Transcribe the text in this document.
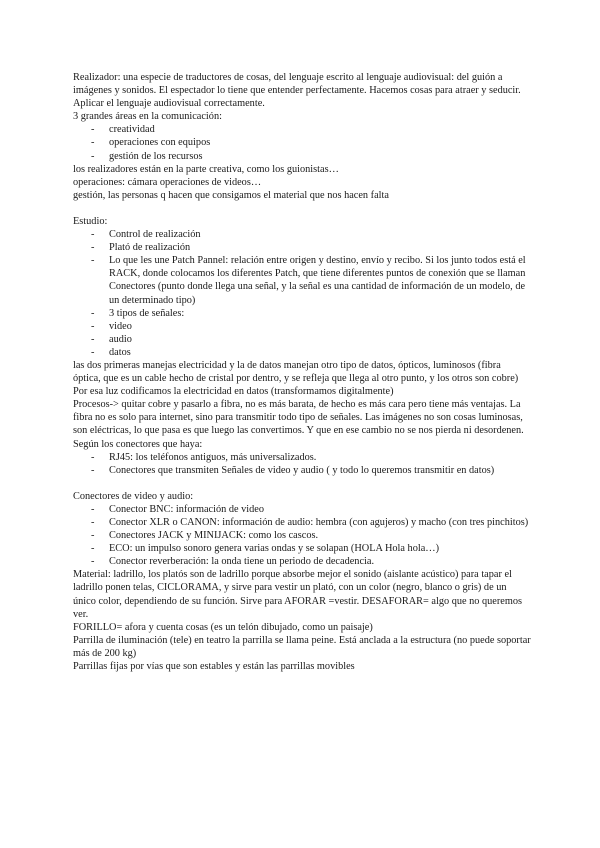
Realizador: una especie de traductores de cosas, del lenguaje escrito al lenguaje audiovisual: del guión a imágenes y sonidos. El espectador lo tiene que entender perfectamente. Hacemos cosas para atraer y seducir. Aplicar el lenguaje audiovisual correctamente.

3 grandes áreas en la comunicación:

- creatividad
- operaciones con equipos
- gestión de los recursos

los realizadores están en la parte creativa, como los guionistas…

operaciones: cámara operaciones de videos…

gestión, las personas q hacen que consigamos el material que nos hacen falta

Estudio:

- Control de realización
- Plató de realización
- Lo que les une Patch Pannel: relación entre origen y destino, envío y recibo. Si los junto todos está el RACK, donde colocamos los diferentes Patch, que tiene diferentes puntos de conexión que se llaman Conectores (punto donde llega una señal, y la señal es una cantidad de información de un modelo, de un determinado tipo)
- 3 tipos de señales:
- video
- audio
- datos

las dos primeras manejas electricidad y la de datos manejan otro tipo de datos, ópticos, luminosos (fibra óptica, que es un cable hecho de cristal por dentro, y se refleja que llega al otro punto, y los otros son cobre) Por esa luz codificamos la electricidad en datos (transformamos digitalmente)

Procesos-> quitar cobre y pasarlo a fibra, no es más barata, de hecho es más cara pero tiene más ventajas. La fibra no es solo para internet, sino para transmitir todo tipo de señales. Las imágenes no son cosas luminosas, son eléctricas, lo que pasa es que luego las convertimos. Y que en ese cambio no se nos pierda ni desordenen.

Según los conectores que haya:

- RJ45: los teléfonos antiguos, más universalizados.
- Conectores que transmiten Señales de video y audio ( y todo lo queremos transmitir en datos)

Conectores de video y audio:

- Conector BNC: información de video
- Conector XLR o CANON: información de audio: hembra (con agujeros) y macho (con tres pinchitos)
- Conectores JACK y MINIJACK: como los cascos.
- ECO: un impulso sonoro genera varias ondas y se solapan (HOLA Hola hola…)
- Conector reverberación: la onda tiene un periodo de decadencia.

Material: ladrillo, los platós son de ladrillo porque absorbe mejor el sonido (aislante acústico) para tapar el ladrillo ponen telas, CICLORAMA, y sirve para vestir un plató, con un color (negro, blanco o gris) de un único color, dependiendo de su función. Sirve para AFORAR =vestir. DESAFORAR= algo que no queremos ver.

FORILLO= afora y cuenta cosas (es un telón dibujado, como un paisaje)

Parrilla de iluminación (tele) en teatro la parrilla se llama peine. Está anclada a la estructura (no puede soportar más de 200 kg)

Parrillas fijas por vías que son estables y están las parrillas movibles
